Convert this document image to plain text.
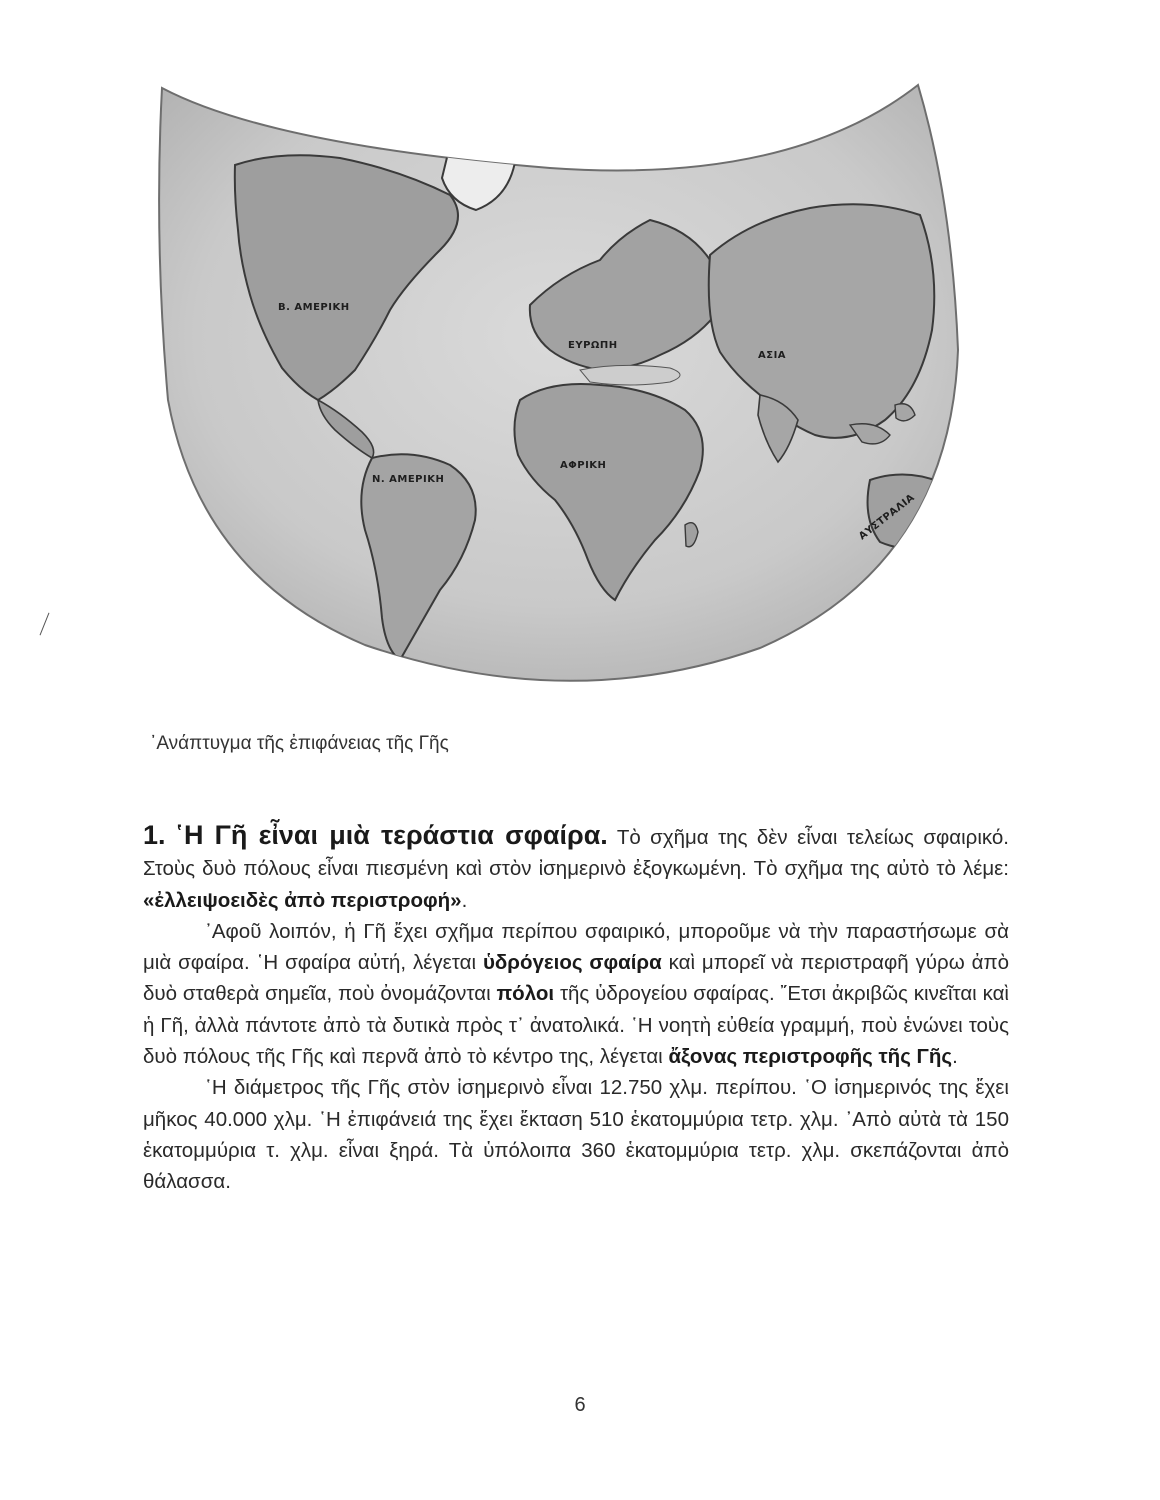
Β. ΑΜΕΡΙΚΗ
Ν. ΑΜΕΡΙΚΗ
ΕΥΡΩΠΗ
ΑΣΙΑ
ΑΦΡΙΚΗ
ΑΥΣΤΡΑΛΙΑ
᾿Ανάπτυγμα τῆς ἐπιφάνειας τῆς Γῆς

1. ῾Η Γῆ εἶναι μιὰ τεράστια σφαίρα. Τὸ σχῆμα της δὲν εἶναι τελείως σφαιρικό. Στοὺς δυὸ πόλους εἶναι πιεσμένη καὶ στὸν ἰσημερινὸ ἐξογκωμένη. Τὸ σχῆμα της αὐτὸ τὸ λέμε: «ἐλλειψοειδὲς ἀπὸ περιστροφή».

᾿Αφοῦ λοιπόν, ἡ Γῆ ἔχει σχῆμα περίπου σφαιρικό, μποροῦμε νὰ τὴν παραστήσωμε σὰ μιὰ σφαίρα. ῾Η σφαίρα αὐτή, λέγεται ὑδρόγειος σφαίρα καὶ μπορεῖ νὰ περιστραφῆ γύρω ἀπὸ δυὸ σταθερὰ σημεῖα, ποὺ ὀνομάζονται πόλοι τῆς ὑδρογείου σφαίρας. ῎Ετσι ἀκριβῶς κινεῖται καὶ ἡ Γῆ, ἀλλὰ πάντοτε ἀπὸ τὰ δυτικὰ πρὸς τ᾿ ἀνατολικά. ῾Η νοητὴ εὐθεία γραμμή, ποὺ ἑνώνει τοὺς δυὸ πόλους τῆς Γῆς καὶ περνᾶ ἀπὸ τὸ κέντρο της, λέγεται ἄξονας περιστροφῆς τῆς Γῆς.

῾Η διάμετρος τῆς Γῆς στὸν ἰσημερινὸ εἶναι 12.750 χλμ. περίπου. ῾Ο ἰσημερινός της ἔχει μῆκος 40.000 χλμ. ῾Η ἐπιφάνειά της ἔχει ἔκταση 510 ἑκατομμύρια τετρ. χλμ. ᾿Απὸ αὐτὰ τὰ 150 ἑκατομμύρια τ. χλμ. εἶναι ξηρά. Τὰ ὑπόλοιπα 360 ἑκατομμύρια τετρ. χλμ. σκεπάζονται ἀπὸ θάλασσα.

6
